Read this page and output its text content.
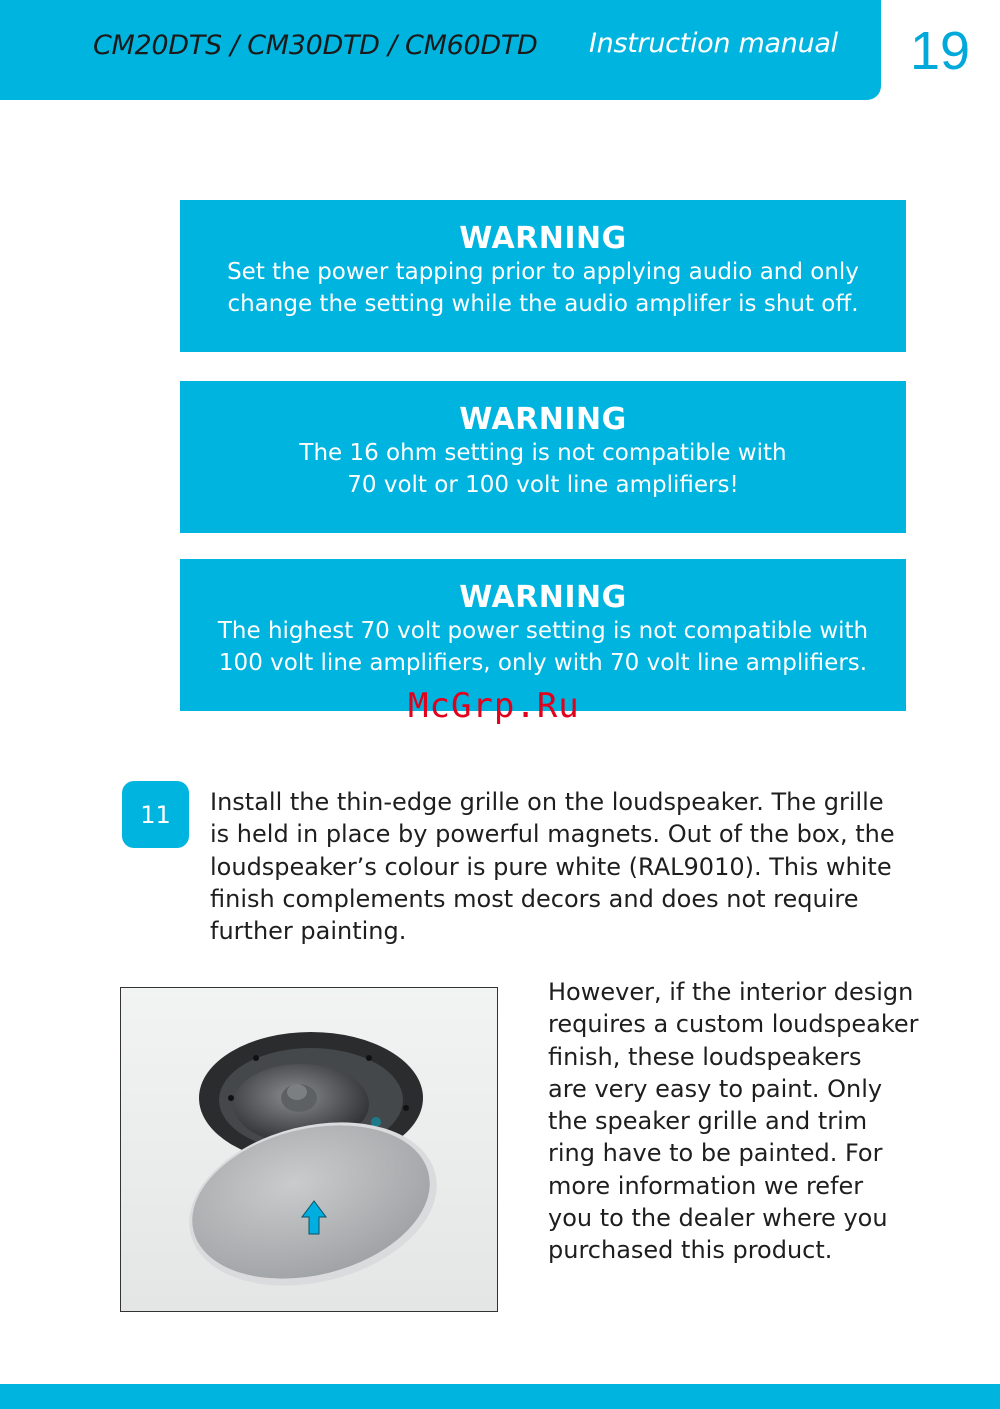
CM20DTS / CM30DTD / CM60DTD Instruction manual 19
WARNING
Set the power tapping prior to applying audio and only
change the setting while the audio amplifer is shut off.
WARNING
The 16 ohm setting is not compatible with
70 volt or 100 volt line amplifiers!
WARNING
The highest 70 volt power setting is not compatible with
100 volt line amplifiers, only with 70 volt line amplifiers.
McGrp.Ru
11	Install the thin-edge grille on the loudspeaker. The grille
is held in place by powerful magnets. Out of the box, the
loudspeaker’s colour is pure white (RAL9010). This white
finish complements most decors and does not require
further painting.
However, if the interior design
requires a custom loudspeaker
finish, these loudspeakers
are very easy to paint. Only
the speaker grille and trim
ring have to be painted. For
more information we refer
you to the dealer where you
purchased this product.
